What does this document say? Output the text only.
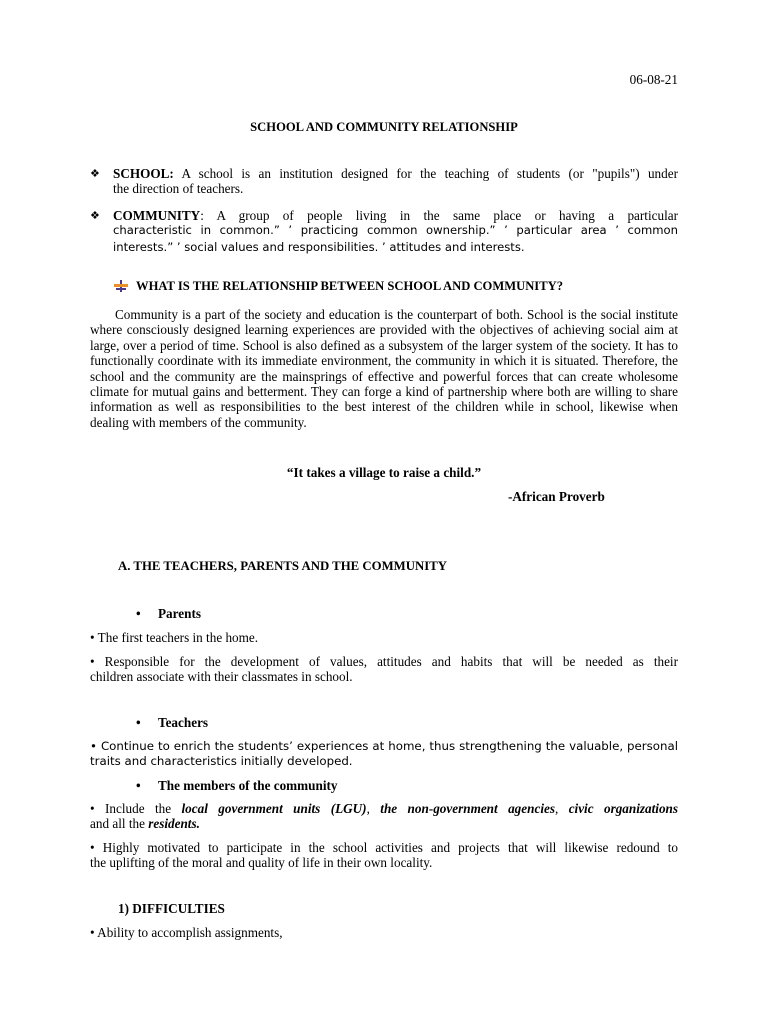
06-08-21
SCHOOL AND COMMUNITY RELATIONSHIP
❖ SCHOOL: A school is an institution designed for the teaching of students (or "pupils") under
the direction of teachers.
❖ COMMUNITY: A group of people living in the same place or having a particular
characteristic in common.” ’ practicing common ownership.” ’ particular area ’ common
interests.” ’ social values and responsibilities. ’ attitudes and interests.
WHAT IS THE RELATIONSHIP BETWEEN SCHOOL AND COMMUNITY?
Community is a part of the society and education is the counterpart of both. School is the social institute where consciously designed learning experiences are provided with the objectives of achieving social aim at large, over a period of time. School is also defined as a subsystem of the larger system of the society. It has to functionally coordinate with its immediate environment, the community in which it is situated. Therefore, the school and the community are the mainsprings of effective and powerful forces that can create wholesome climate for mutual gains and betterment. They can forge a kind of partnership where both are willing to share information as well as responsibilities to the best interest of the children while in school, likewise when dealing with members of the community.
“It takes a village to raise a child.”
-African Proverb
A. THE TEACHERS, PARENTS AND THE COMMUNITY
• Parents
• The first teachers in the home.
• Responsible for the development of values, attitudes and habits that will be needed as their
children associate with their classmates in school.
• Teachers
• Continue to enrich the students’ experiences at home, thus strengthening the valuable, personal
traits and characteristics initially developed.
• The members of the community
• Include the local government units (LGU), the non-government agencies, civic organizations
and all the residents.
• Highly motivated to participate in the school activities and projects that will likewise redound to
the uplifting of the moral and quality of life in their own locality.
1) DIFFICULTIES
• Ability to accomplish assignments,
